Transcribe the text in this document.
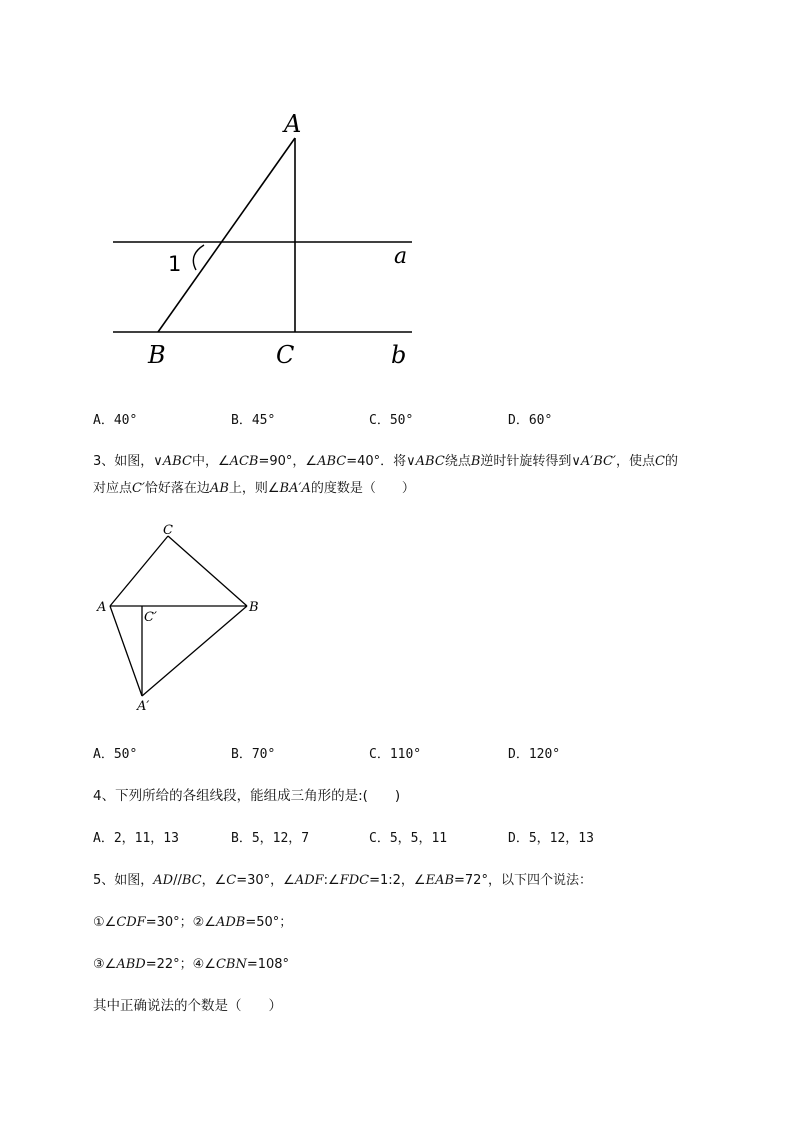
A
a
1
B	C	b
A．40°	B．45°	C．50°	D．60°
3、如图，∨ABC中，∠ACB=90°，∠ABC=40°．将∨ABC绕点B逆时针旋转得到∨A′BC′，使点C的
对应点C′恰好落在边AB上，则∠BA′A的度数是（　　）
C
A
C′
B
A′
A．50°	B．70°	C．110°	D．120°
4、下列所给的各组线段，能组成三角形的是:(　　)
A．2，11，13	B．5，12，7	C．5，5，11	D．5，12，13
5、如图，AD//BC，∠C=30°，∠ADF:∠FDC=1:2，∠EAB=72°，以下四个说法：
①∠CDF=30°；②∠ADB=50°；
③∠ABD=22°；④∠CBN=108°
其中正确说法的个数是（　　）
